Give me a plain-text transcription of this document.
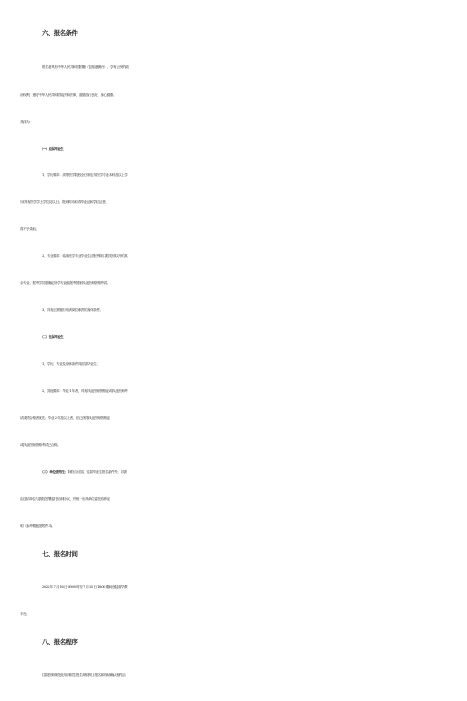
六、报名条件
报名者具有中华人民共和国国籍（包括港澳台），享有公民的政
治权利，遵守中华人民共和国宪法和法律，道德品行良好，身心健康。
具体为：
（一）应届毕业生
1、学历要求：高等医学院校全日制五年医学专业本科及以上学
历(具有医学学士学位及以上)，报到时未取得毕业证和学位证者，
将不予录取。
2、专业要求：临床医学专业毕业生应报考除口腔类别以外的其
余专业；报考学员需确定所学专业能报考国家执业医师资格考试。
3、具有正常履行培训岗位职责的身体条件。
（二）往届毕业生
1、学历、专业及身体条件同应届毕业生；
2、其他要求：毕业 1 年者，具有执业医师资格证或执业医师考
试成绩合格者优先；毕业 2 年及以上者，应已获得执业医师资格证
或执业医师资格考试已合格。
（三）单位委培生：除符合应届、往届毕业生报名条件外，另需
由送培单位与我院签署委托培训协议，并统一出具单位委托培养证
明（参考模板见附件 3)。
七、报名时间
2022 年 7 月 16 日 09:00 时至 7 月 25 日 18:00 期间登陆省毕教
平台。
八、报名程序
住院医师规范化培训招生报名采取网上报名和现场确认相结合
